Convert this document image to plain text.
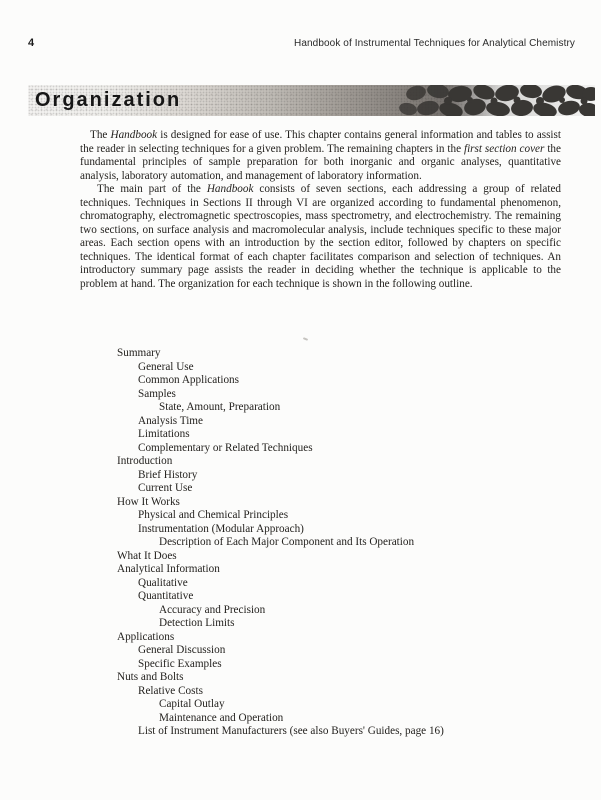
4	Handbook of Instrumental Techniques for Analytical Chemistry
Organization

The Handbook is designed for ease of use. This chapter contains general information and tables to assist the reader in selecting techniques for a given problem. The remaining chapters in the first section cover the fundamental principles of sample preparation for both inorganic and organic analyses, quantitative analysis, laboratory automation, and management of laboratory information.

The main part of the Handbook consists of seven sections, each addressing a group of related techniques. Techniques in Sections II through VI are organized according to fundamental phenomenon, chromatography, electromagnetic spectroscopies, mass spectrometry, and electrochemistry. The remaining two sections, on surface analysis and macromolecular analysis, include techniques specific to these major areas. Each section opens with an introduction by the section editor, followed by chapters on specific techniques. The identical format of each chapter facilitates comparison and selection of techniques. An introductory summary page assists the reader in deciding whether the technique is applicable to the problem at hand. The organization for each technique is shown in the following outline.

Summary
General Use
Common Applications
Samples
State, Amount, Preparation
Analysis Time
Limitations
Complementary or Related Techniques
Introduction
Brief History
Current Use
How It Works
Physical and Chemical Principles
Instrumentation (Modular Approach)
Description of Each Major Component and Its Operation
What It Does
Analytical Information
Qualitative
Quantitative
Accuracy and Precision
Detection Limits
Applications
General Discussion
Specific Examples
Nuts and Bolts
Relative Costs
Capital Outlay
Maintenance and Operation
List of Instrument Manufacturers (see also Buyers' Guides, page 16)
